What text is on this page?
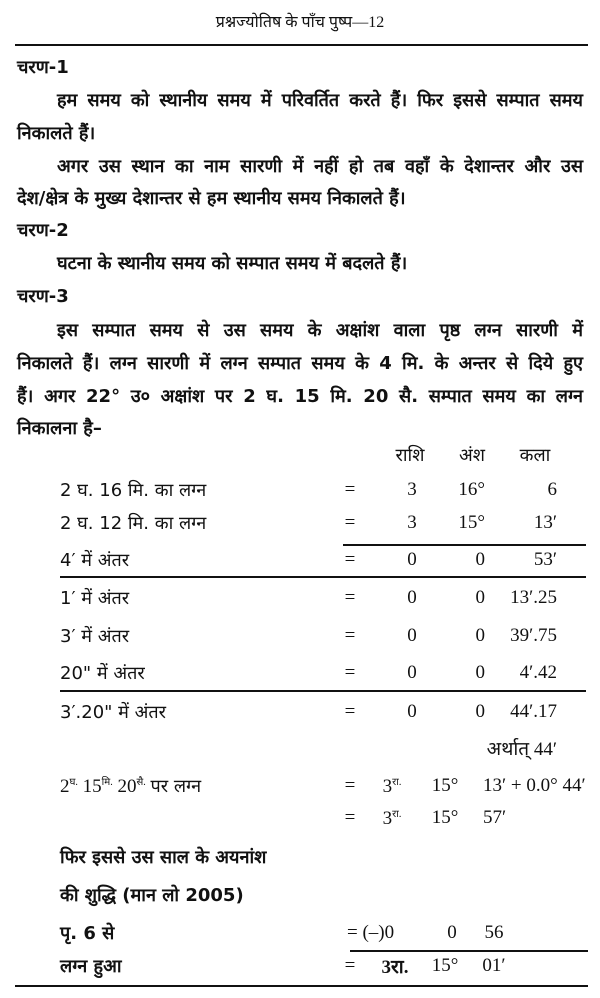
प्रश्नज्योतिष के पाँच पुष्प—12
चरण-1
हम समय को स्थानीय समय में परिवर्तित करते हैं। फिर इससे सम्पात समय
निकालते हैं।
अगर उस स्थान का नाम सारणी में नहीं हो तब वहाँ के देशान्तर और उस
देश/क्षेत्र के मुख्य देशान्तर से हम स्थानीय समय निकालते हैं।
चरण-2
घटना के स्थानीय समय को सम्पात समय में बदलते हैं।
चरण-3
इस सम्पात समय से उस समय के अक्षांश वाला पृष्ठ लग्न सारणी में
निकालते हैं। लग्न सारणी में लग्न सम्पात समय के 4 मि. के अन्तर से दिये हुए
हैं। अगर 22° उ० अक्षांश पर 2 घ. 15 मि. 20 सै. सम्पात समय का लग्न
निकालना है–
राशि अंश कला
2 घ. 16 मि. का लग्न	=	3 16°	6
2 घ. 12 मि. का लग्न	=	3 15°	13′
4′ में अंतर	=	0	0	53′
1′ में अंतर	=	0	0 13′.25
3′ में अंतर	=	0	0 39′.75
20" में अंतर	=	0	0 4′.42
3′.20" में अंतर	=	0	0 44′.17
अर्थात् 44′
$2^{घ.}$ $15^{मि.}$ $20^{सै.}$ पर लग्न	= $3^{रा.}$ 15° 13′ + 0.0° 44′
= $3^{रा.}$ 15° 57′
फिर इससे उस साल के अयनांश
की शुद्धि (मान लो 2005)
पृ. 6 से	= (–)0	0 56
लग्न हुआ	= 3रा. 15° 01′
